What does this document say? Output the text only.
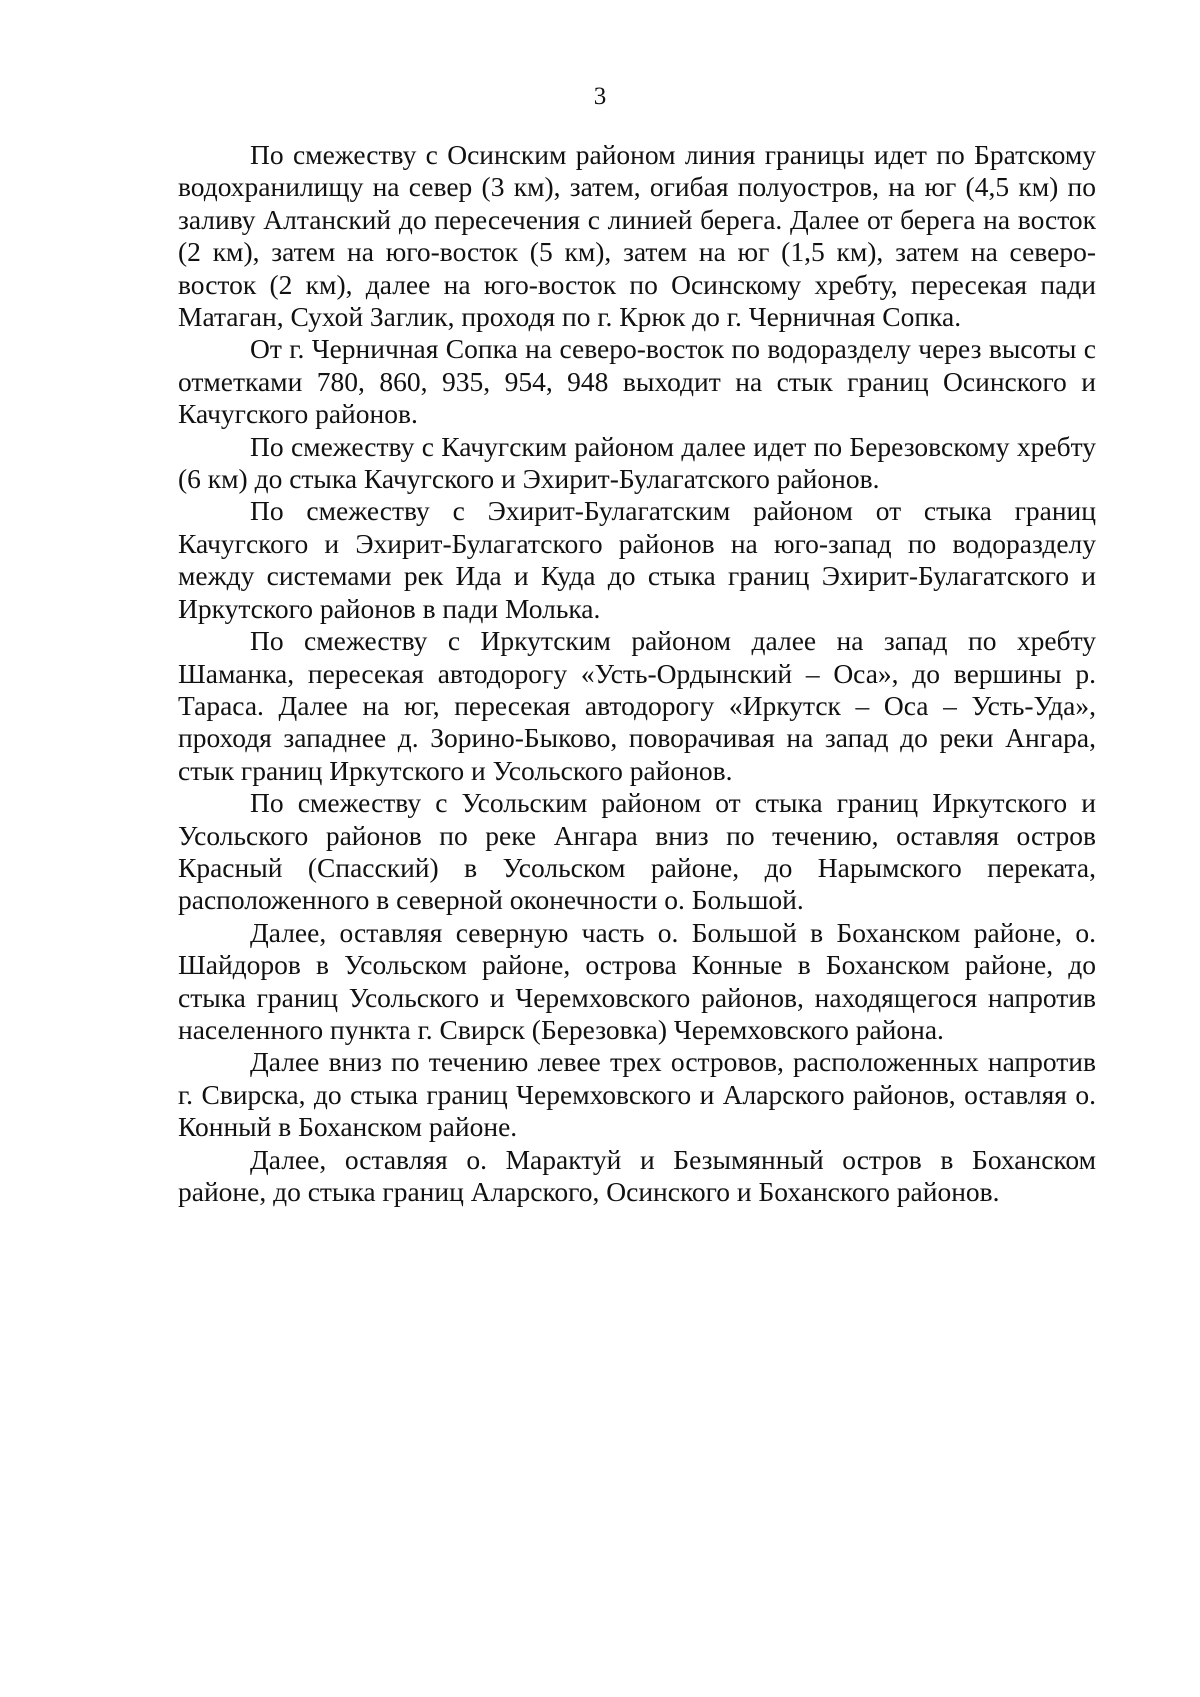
3

По смежеству с Осинским районом линия границы идет по Братскому водохранилищу на север (3 км), затем, огибая полуостров, на юг (4,5 км) по заливу Алтанский до пересечения с линией берега. Далее от берега на восток (2 км), затем на юго-восток (5 км), затем на юг (1,5 км), затем на северо-восток (2 км), далее на юго-восток по Осинскому хребту, пересекая пади Матаган, Сухой Заглик, проходя по г. Крюк до г. Черничная Сопка.

От г. Черничная Сопка на северо-восток по водоразделу через высоты с отметками 780, 860, 935, 954, 948 выходит на стык границ Осинского и Качугского районов.

По смежеству с Качугским районом далее идет по Березовскому хребту (6 км) до стыка Качугского и Эхирит-Булагатского районов.

По смежеству с Эхирит-Булагатским районом от стыка границ Качугского и Эхирит-Булагатского районов на юго-запад по водоразделу между системами рек Ида и Куда до стыка границ Эхирит-Булагатского и Иркутского районов в пади Молька.

По смежеству с Иркутским районом далее на запад по хребту Шаманка, пересекая автодорогу «Усть-Ордынский – Оса», до вершины р. Тараса. Далее на юг, пересекая автодорогу «Иркутск – Оса – Усть-Уда», проходя западнее д. Зорино-Быково, поворачивая на запад до реки Ангара, стык границ Иркутского и Усольского районов.

По смежеству с Усольским районом от стыка границ Иркутского и Усольского районов по реке Ангара вниз по течению, оставляя остров Красный (Спасский) в Усольском районе, до Нарымского переката, расположенного в северной оконечности о. Большой.

Далее, оставляя северную часть о. Большой в Боханском районе, о. Шайдоров в Усольском районе, острова Конные в Боханском районе, до стыка границ Усольского и Черемховского районов, находящегося напротив населенного пункта г. Свирск (Березовка) Черемховского района.

Далее вниз по течению левее трех островов, расположенных напротив г. Свирска, до стыка границ Черемховского и Аларского районов, оставляя о. Конный в Боханском районе.

Далее, оставляя о. Марактуй и Безымянный остров в Боханском районе, до стыка границ Аларского, Осинского и Боханского районов.
